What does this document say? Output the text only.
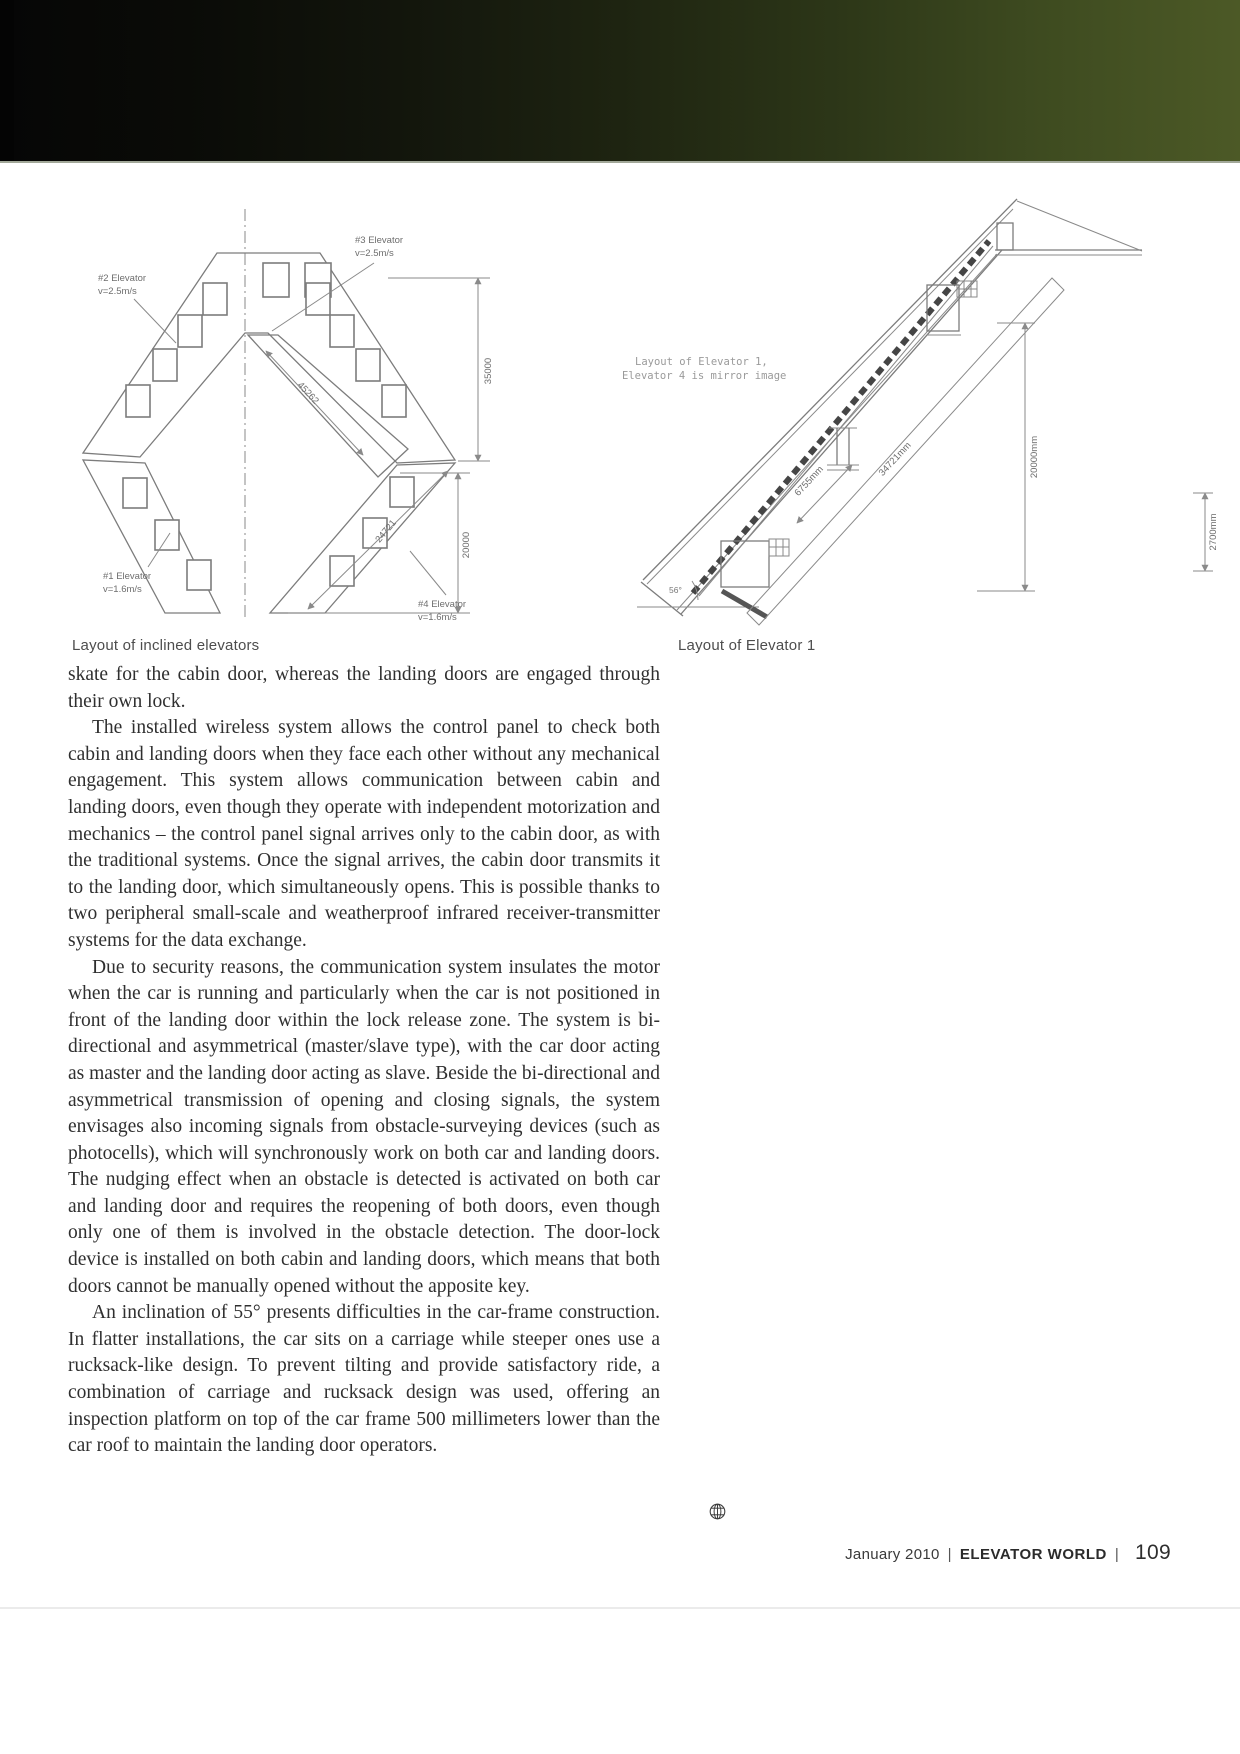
45262
35000
20000
24721
#2 Elevator
v=2.5m/s
#3 Elevator
v=2.5m/s
#1 Elevator
v=1.6m/s
#4 Elevator
v=1.6m/s
Layout of Elevator 1,
Elevator 4 is mirror image
6755mm
34721mm	20000mm
2700mm
56°
Layout of inclined elevators	Layout of Elevator 1

skate for the cabin door, whereas the landing doors are engaged through their own lock.

The installed wireless system allows the control panel to check both cabin and landing doors when they face each other without any mechanical engagement. This system allows communication between cabin and landing doors, even though they operate with independent motorization and mechanics – the control panel signal arrives only to the cabin door, as with the traditional systems. Once the signal arrives, the cabin door transmits it to the landing door, which simultaneously opens. This is possible thanks to two peripheral small-scale and weatherproof infrared receiver-transmitter systems for the data exchange.

Due to security reasons, the communication system insulates the motor when the car is running and particularly when the car is not positioned in front of the landing door within the lock release zone. The system is bi-directional and asymmetrical (master/slave type), with the car door acting as master and the landing door acting as slave. Beside the bi-directional and asymmetrical transmission of opening and closing signals, the system envisages also incoming signals from obstacle-surveying devices (such as photocells), which will synchronously work on both car and landing doors. The nudging effect when an obstacle is detected is activated on both car and landing door and requires the reopening of both doors, even though only one of them is involved in the obstacle detection. The door-lock device is installed on both cabin and landing doors, which means that both doors cannot be manually opened without the apposite key.

An inclination of 55° presents difficulties in the car-frame construction. In flatter installations, the car sits on a carriage while steeper ones use a rucksack-like design. To prevent tilting and provide satisfactory ride, a combination of carriage and rucksack design was used, offering an inspection platform on top of the car frame 500 millimeters lower than the car roof to maintain the landing door operators.

January 2010 | ELEVATOR WORLD | 109
